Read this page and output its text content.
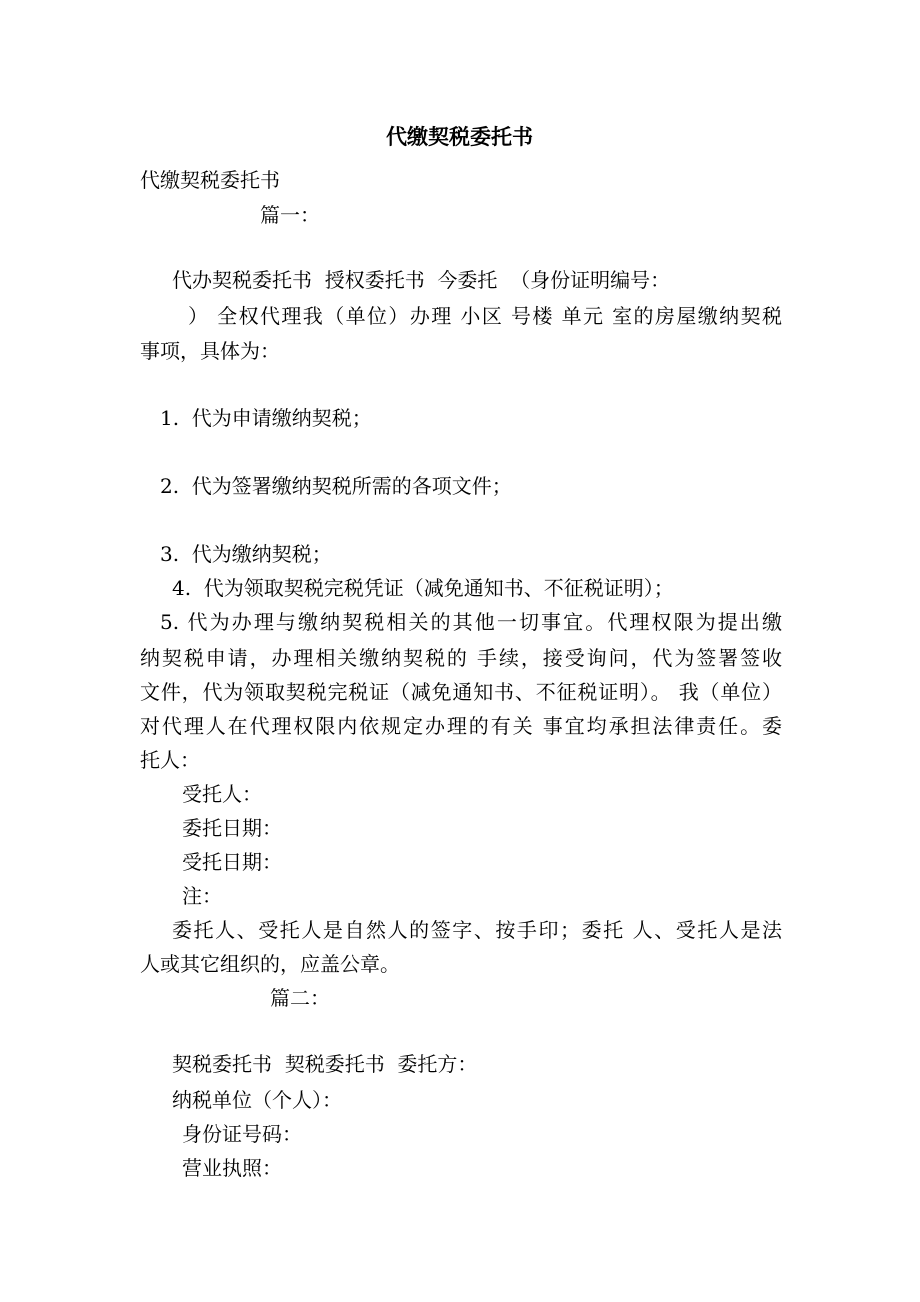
代缴契税委托书
代缴契税委托书
篇一：
代办契税委托书  授权委托书  今委托  （身份证明编号：
） 全权代理我（单位）办理 小区 号楼 单元 室的房屋缴纳契税
事项，具体为：
1.  代为申请缴纳契税；
2.  代为签署缴纳契税所需的各项文件；
3.  代为缴纳契税；
4.  代为领取契税完税凭证（减免通知书、不征税证明）；
5. 代为办理与缴纳契税相关的其他一切事宜。代理权限为提出缴
纳契税申请，办理相关缴纳契税的 手续，接受询问，代为签署签收
文件，代为领取契税完税证（减免通知书、不征税证明）。 我（单位）
对代理人在代理权限内依规定办理的有关 事宜均承担法律责任。委
托人：
受托人：
委托日期：
受托日期：
注：
委托人、受托人是自然人的签字、按手印；委托 人、受托人是法
人或其它组织的，应盖公章。
篇二：
契税委托书  契税委托书  委托方：
纳税单位（个人）：
身份证号码：
营业执照：
